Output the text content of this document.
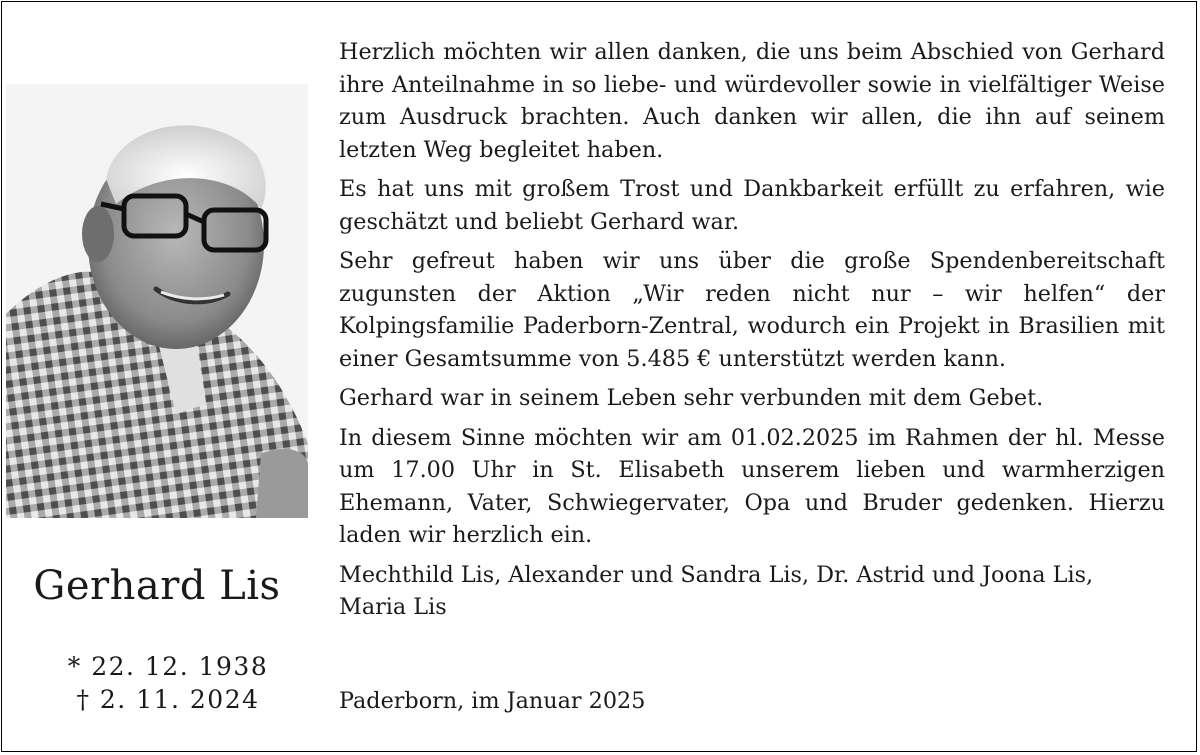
Gerhard Lis
* 22. 12. 1938
† 2. 11. 2024

Herzlich möchten wir allen danken, die uns beim Abschied von Gerhard ihre Anteilnahme in so liebe- und würdevoller sowie in vielfältiger Weise zum Ausdruck brachten. Auch danken wir allen, die ihn auf seinem letzten Weg begleitet haben.

Es hat uns mit großem Trost und Dankbarkeit erfüllt zu erfahren, wie geschätzt und beliebt Gerhard war.

Sehr gefreut haben wir uns über die große Spendenbereitschaft zugunsten der Aktion „Wir reden nicht nur – wir helfen“ der Kolpingsfamilie Paderborn-Zentral, wodurch ein Projekt in Brasilien mit einer Gesamtsumme von 5.485 € unterstützt werden kann.

Gerhard war in seinem Leben sehr verbunden mit dem Gebet.

In diesem Sinne möchten wir am 01.02.2025 im Rahmen der hl. Messe um 17.00 Uhr in St. Elisabeth unserem lieben und warmherzigen Ehemann, Vater, Schwiegervater, Opa und Bruder gedenken. Hierzu laden wir herzlich ein.

Mechthild Lis, Alexander und Sandra Lis, Dr. Astrid und Joona Lis, Maria Lis

Paderborn, im Januar 2025
